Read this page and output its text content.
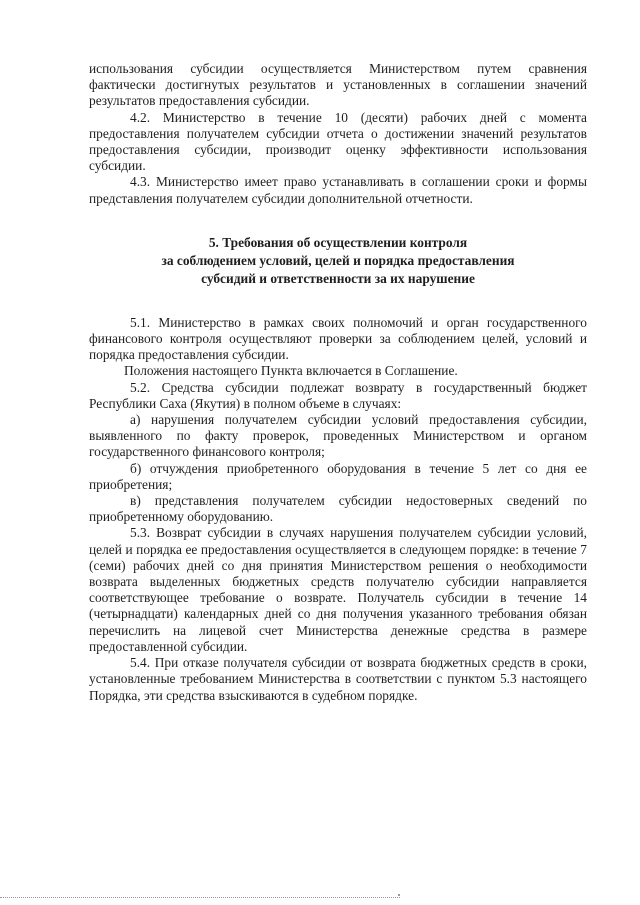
использования субсидии осуществляется Министерством путем сравнения фактически достигнутых результатов и установленных в соглашении значений результатов предоставления субсидии.

4.2. Министерство в течение 10 (десяти) рабочих дней с момента предоставления получателем субсидии отчета о достижении значений результатов предоставления субсидии, производит оценку эффективности использования субсидии.

4.3. Министерство имеет право устанавливать в соглашении сроки и формы представления получателем субсидии дополнительной отчетности.

5. Требования об осуществлении контроля
за соблюдением условий, целей и порядка предоставления
субсидий и ответственности за их нарушение

5.1. Министерство в рамках своих полномочий и орган государственного финансового контроля осуществляют проверки за соблюдением целей, условий и порядка предоставления субсидии.

Положения настоящего Пункта включается в Соглашение.

5.2. Средства субсидии подлежат возврату в государственный бюджет Республики Саха (Якутия) в полном объеме в случаях:

а) нарушения получателем субсидии условий предоставления субсидии, выявленного по факту проверок, проведенных Министерством и органом государственного финансового контроля;

б) отчуждения приобретенного оборудования в течение 5 лет со дня ее приобретения;

в) представления получателем субсидии недостоверных сведений по приобретенному оборудованию.

5.3. Возврат субсидии в случаях нарушения получателем субсидии условий, целей и порядка ее предоставления осуществляется в следующем порядке: в течение 7 (семи) рабочих дней со дня принятия Министерством решения о необходимости возврата выделенных бюджетных средств получателю субсидии направляется соответствующее требование о возврате. Получатель субсидии в течение 14 (четырнадцати) календарных дней со дня получения указанного требования обязан перечислить на лицевой счет Министерства денежные средства в размере предоставленной субсидии.

5.4. При отказе получателя субсидии от возврата бюджетных средств в сроки, установленные требованием Министерства в соответствии с пунктом 5.3 настоящего Порядка, эти средства взыскиваются в судебном порядке.
